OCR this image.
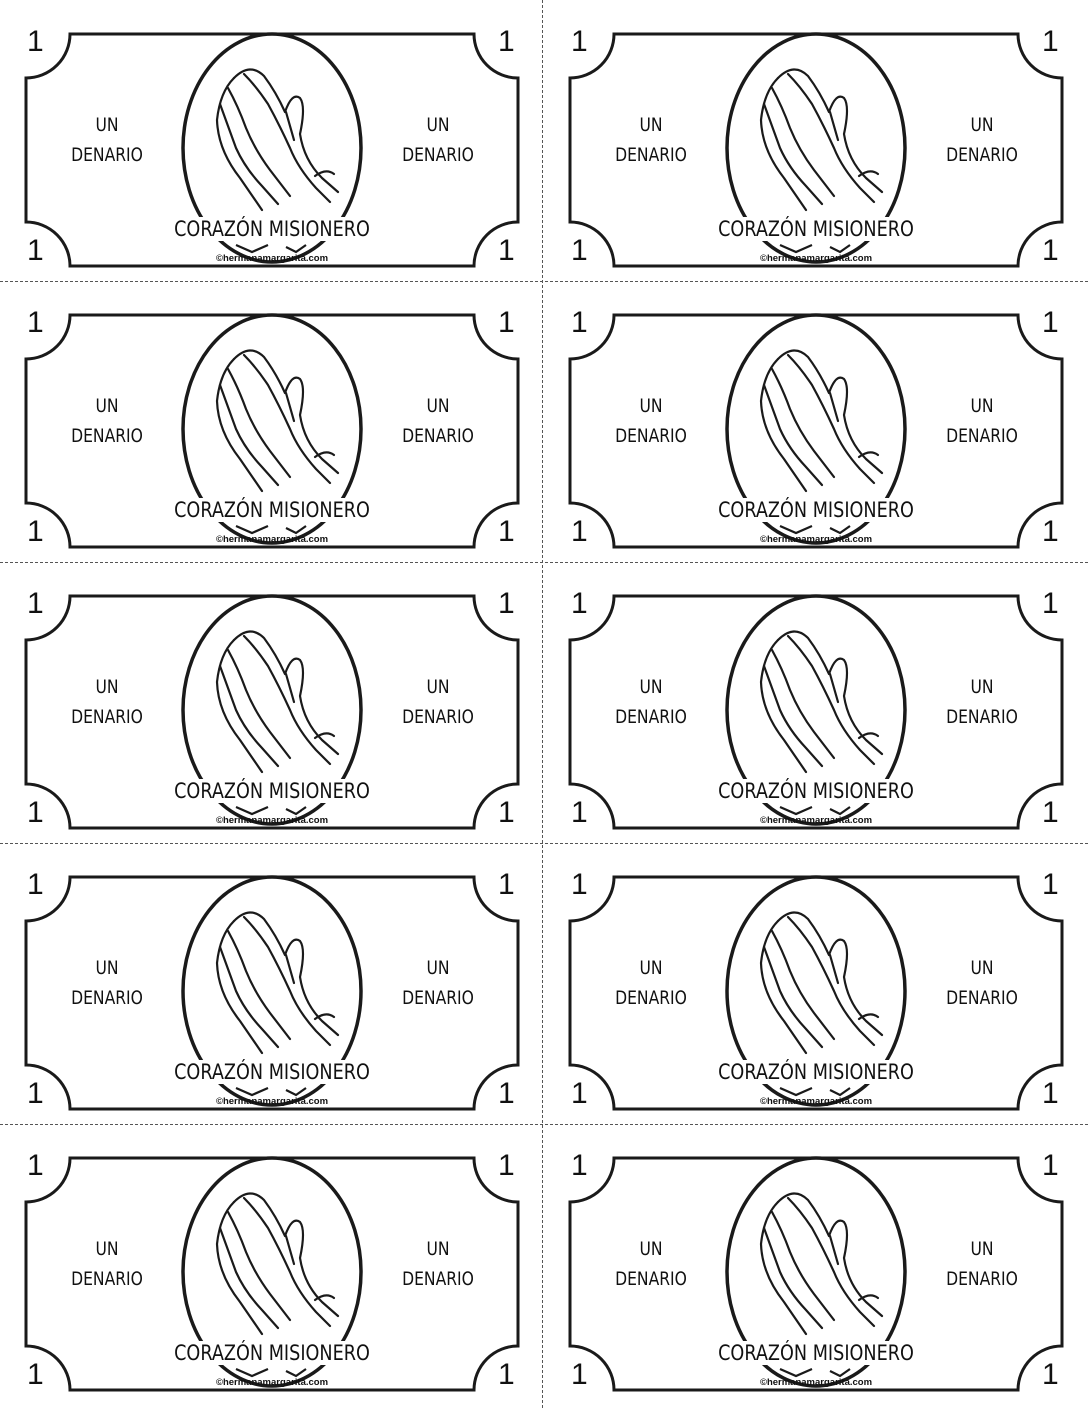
1	1
1	1
UN
DENARIO
UN
DENARIO
CORAZÓN MISIONERO
©hermanamargarita.com
1	1
1	1
UN
DENARIO
UN
DENARIO
CORAZÓN MISIONERO
©hermanamargarita.com
1	1
1	1
UN
DENARIO
UN
DENARIO
CORAZÓN MISIONERO
©hermanamargarita.com
1	1
1	1
UN
DENARIO
UN
DENARIO
CORAZÓN MISIONERO
©hermanamargarita.com
1	1
1	1
UN
DENARIO
UN
DENARIO
CORAZÓN MISIONERO
©hermanamargarita.com
1	1
1	1
UN
DENARIO
UN
DENARIO
CORAZÓN MISIONERO
©hermanamargarita.com
1	1
1	1
UN
DENARIO
UN
DENARIO
CORAZÓN MISIONERO
©hermanamargarita.com
1	1
1	1
UN
DENARIO
UN
DENARIO
CORAZÓN MISIONERO
©hermanamargarita.com
1	1
1	1
UN
DENARIO
UN
DENARIO
CORAZÓN MISIONERO
©hermanamargarita.com
1	1
1	1
UN
DENARIO
UN
DENARIO
CORAZÓN MISIONERO
©hermanamargarita.com
